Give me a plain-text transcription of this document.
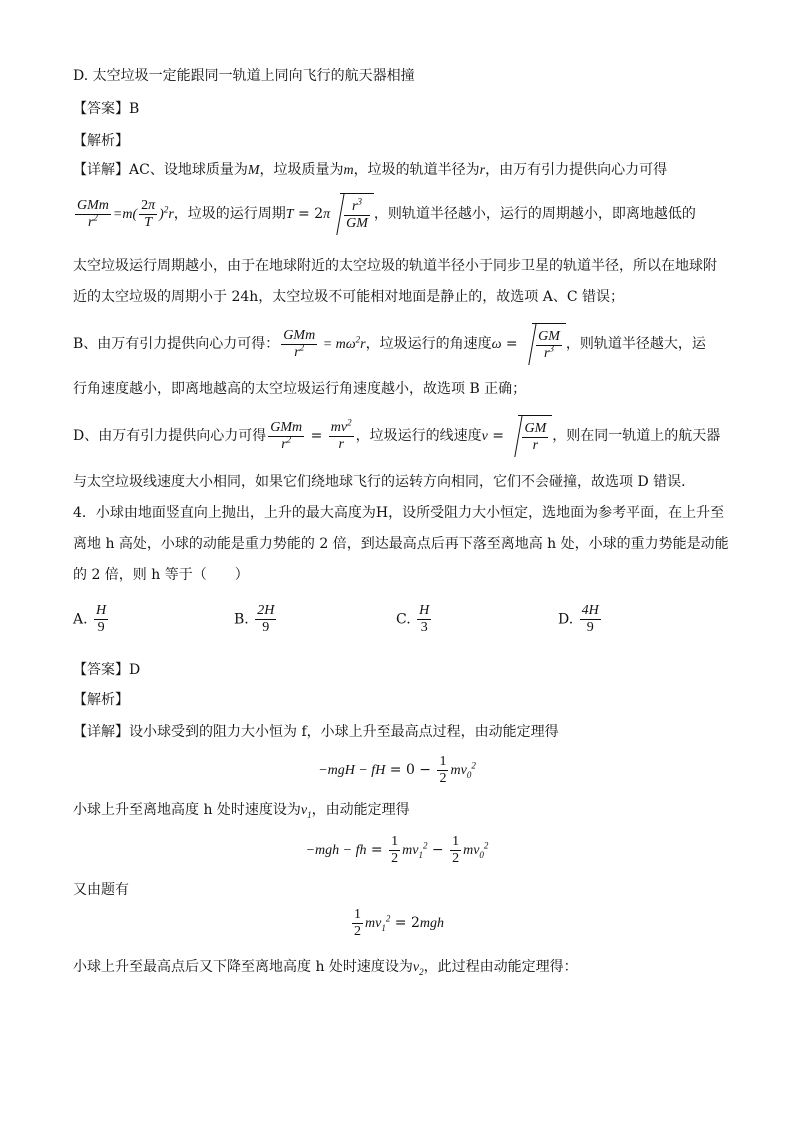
D. 太空垃圾一定能跟同一轨道上同向飞行的航天器相撞
【答案】B
【解析】
【详解】AC、设地球质量为M，垃圾质量为m，垃圾的轨道半径为r，由万有引力提供向心力可得
$\frac{\text{GMm}}{r^2} =m( \frac{2\pi}{T} )^2r$，垃圾的运行周期$T = 2\pi \frac{r^3}{GM}$ ，则轨道半径越小，运行的周期越小，即离地越低的
太空垃圾运行周期越小，由于在地球附近的太空垃圾的轨道半径小于同步卫星的轨道半径，所以在地球附
近的太空垃圾的周期小于 24h，太空垃圾不可能相对地面是静止的，故选项 A、C 错误；
B、由万有引力提供向心力可得： $\frac{\text{GMm}}{r^2} = m\omega^2r$，垃圾运行的角速度$\omega = \frac{GM}{r^3}$ ，则轨道半径越大，运
行角速度越小，即离地越高的太空垃圾运行角速度越小，故选项 B 正确；
D、由万有引力提供向心力可得 $\frac{\text{GMm}}{r^2} = \frac{mv^2}{r}$ ，垃圾运行的线速度$v = \frac{GM}{r}$ ，则在同一轨道上的航天器
与太空垃圾线速度大小相同，如果它们绕地球飞行的运转方向相同，它们不会碰撞，故选项 D 错误．
4．小球由地面竖直向上抛出，上升的最大高度为H，设所受阻力大小恒定，选地面为参考平面，在上升至
离地 h 高处，小球的动能是重力势能的 2 倍，到达最高点后再下落至离地高 h 处，小球的重力势能是动能
的 2 倍，则 h 等于（　　）
A. $\frac{H}{9}$	B. $\frac{2H}{9}$	C. $\frac{H}{3}$	D. $\frac{4H}{9}$
【答案】D
【解析】
【详解】设小球受到的阻力大小恒为 f，小球上升至最高点过程，由动能定理得
−mgH − fH = $0 - \frac{1}{2} mv_0^2$
小球上升至离地高度 h 处时速度设为$v_1$，由动能定理得
−mgh − fh = $\frac{1}{2} mv_1^2 - \frac{1}{2} mv_0^2$
又由题有
$\frac{1}{2} mv_1^2 = 2mgh$
小球上升至最高点后又下降至离地高度 h 处时速度设为$v_2$，此过程由动能定理得：
